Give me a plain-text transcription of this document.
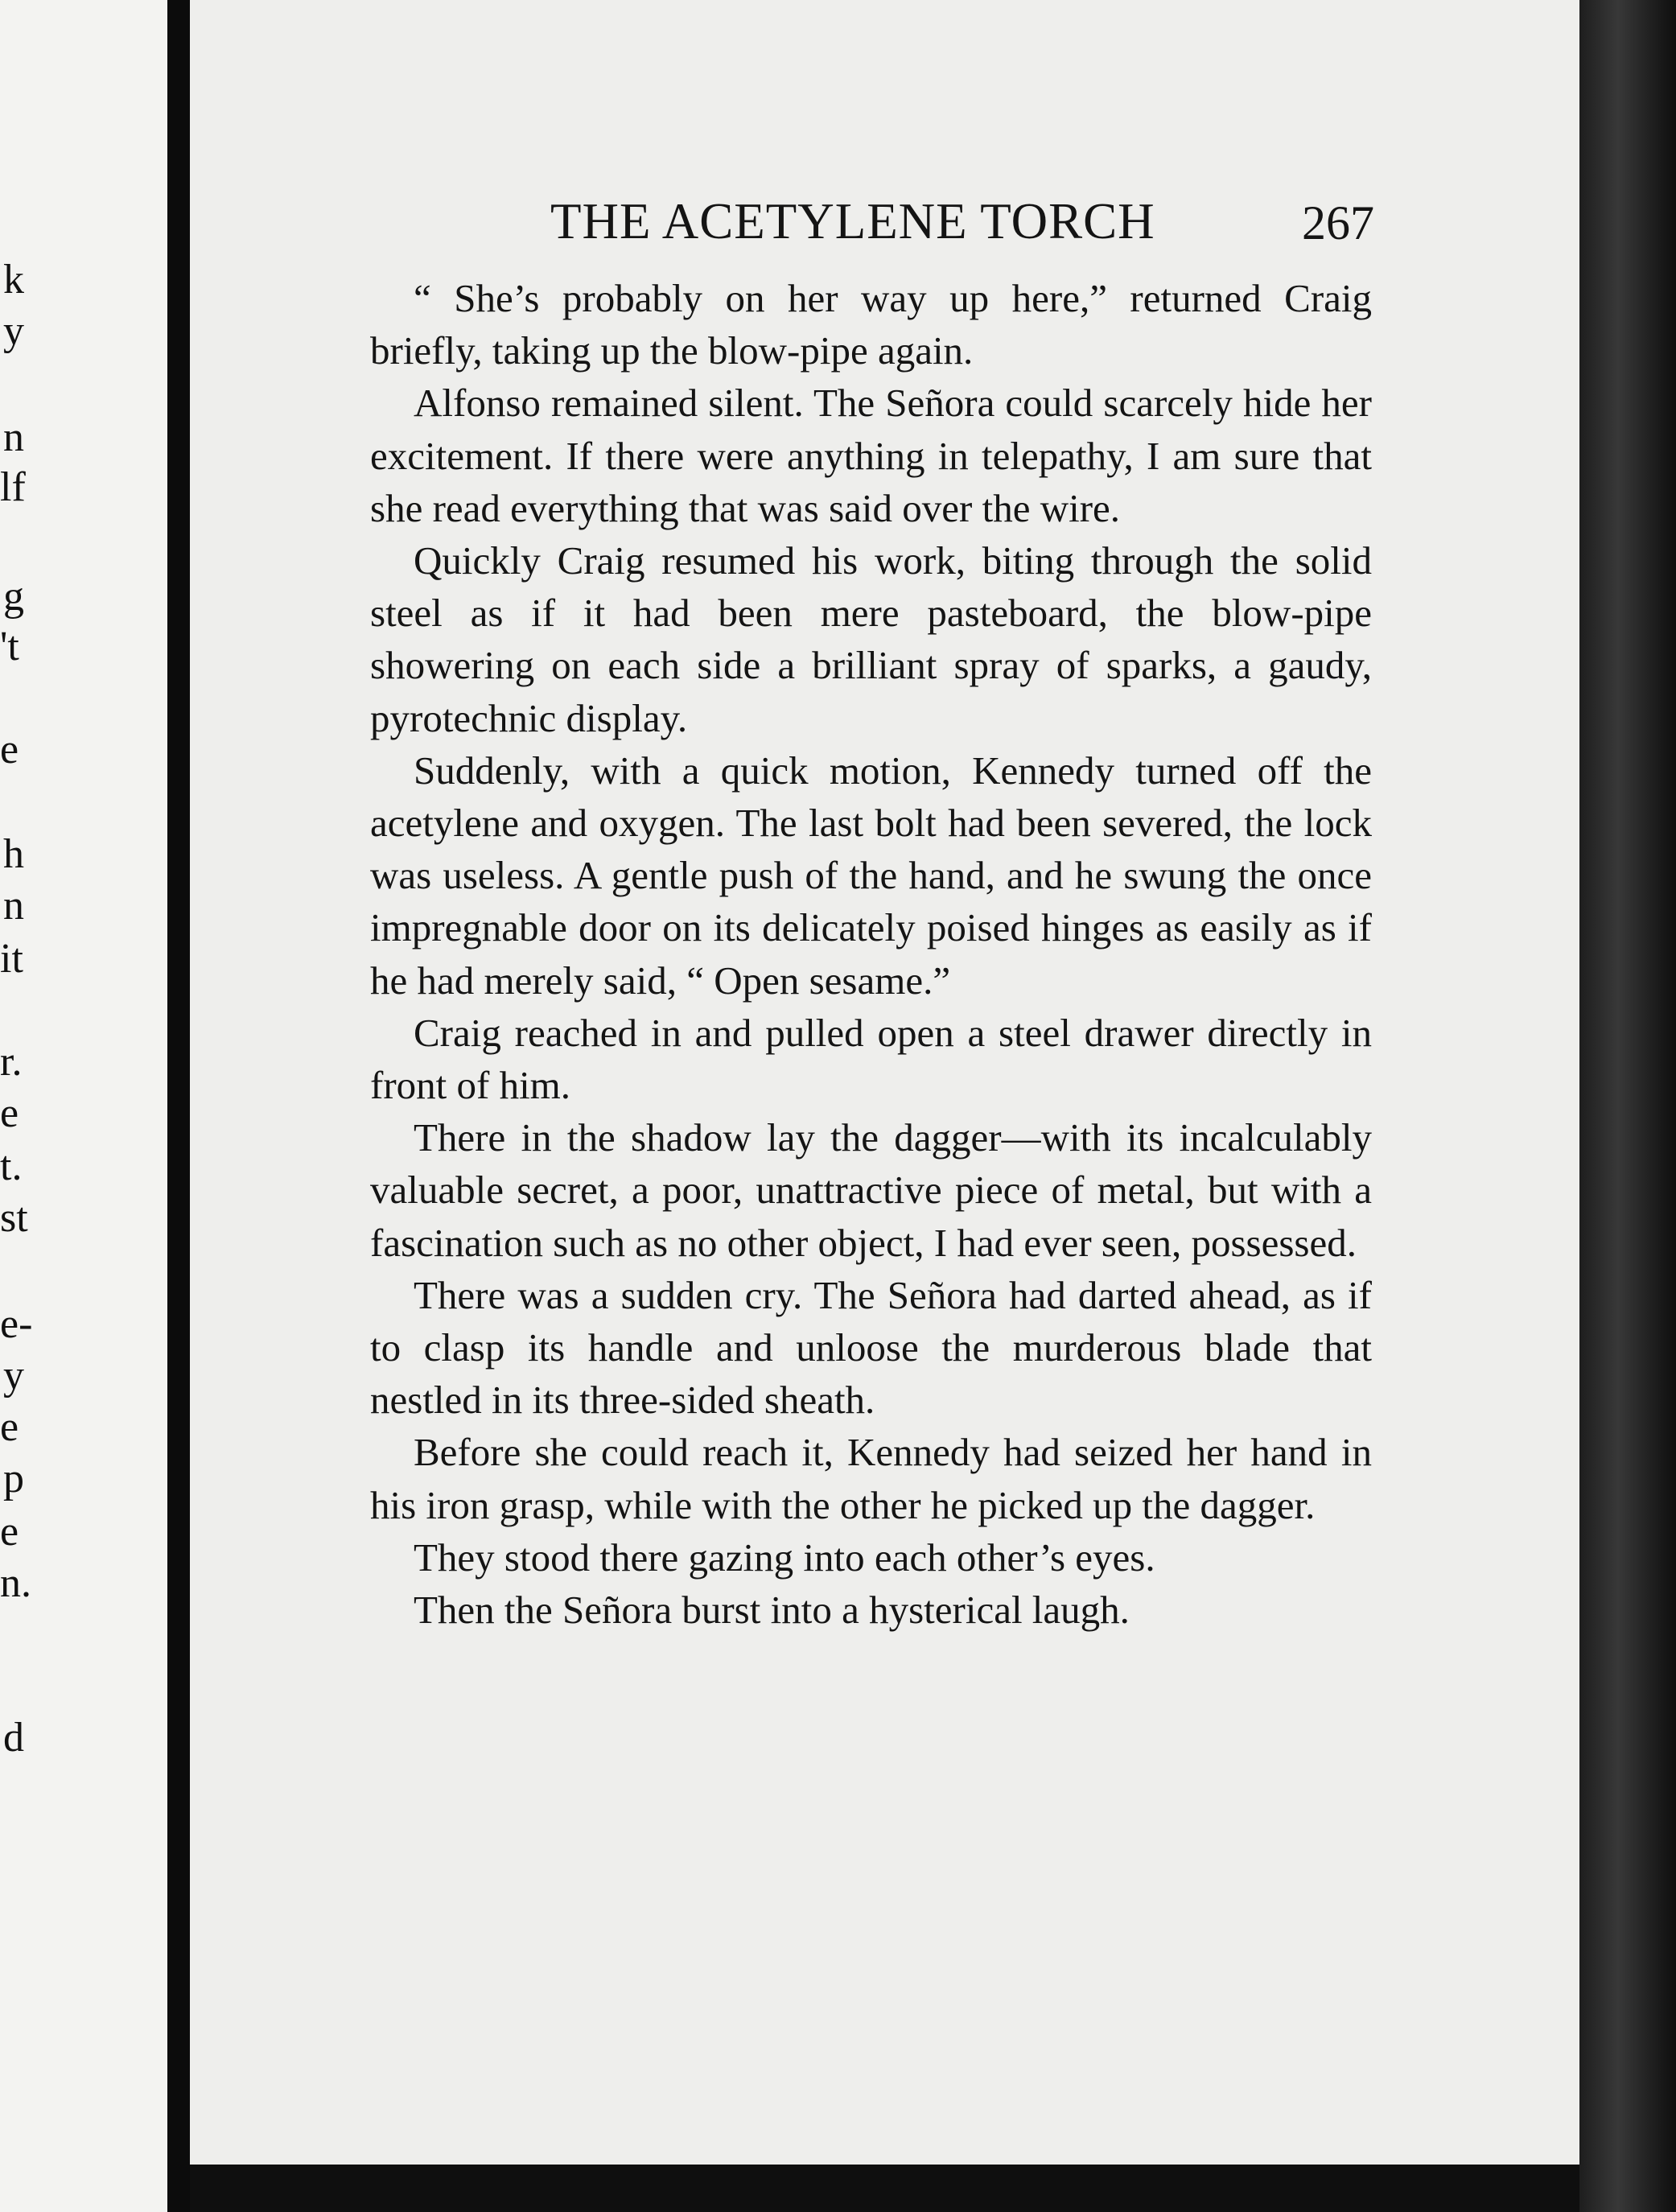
k
y
n
lf
g
't
e
h
n
it
r.
e
t.
st
e-
y
e
p
e
n.
d
THE ACETYLENE TORCH	267

“ She’s probably on her way up here,” returned Craig briefly, taking up the blow-pipe again.

Alfonso remained silent. The Señora could scarcely hide her excitement. If there were anything in telepathy, I am sure that she read everything that was said over the wire.

Quickly Craig resumed his work, biting through the solid steel as if it had been mere pasteboard, the blow-pipe showering on each side a brilliant spray of sparks, a gaudy, pyrotechnic display.

Suddenly, with a quick motion, Kennedy turned off the acetylene and oxygen. The last bolt had been severed, the lock was useless. A gentle push of the hand, and he swung the once impregnable door on its delicately poised hinges as easily as if he had merely said, “ Open sesame.”

Craig reached in and pulled open a steel drawer directly in front of him.

There in the shadow lay the dagger—with its incalculably valuable secret, a poor, unattractive piece of metal, but with a fascination such as no other object, I had ever seen, possessed.

There was a sudden cry. The Señora had darted ahead, as if to clasp its handle and unloose the murderous blade that nestled in its three-sided sheath.

Before she could reach it, Kennedy had seized her hand in his iron grasp, while with the other he picked up the dagger.

They stood there gazing into each other’s eyes.

Then the Señora burst into a hysterical laugh.
